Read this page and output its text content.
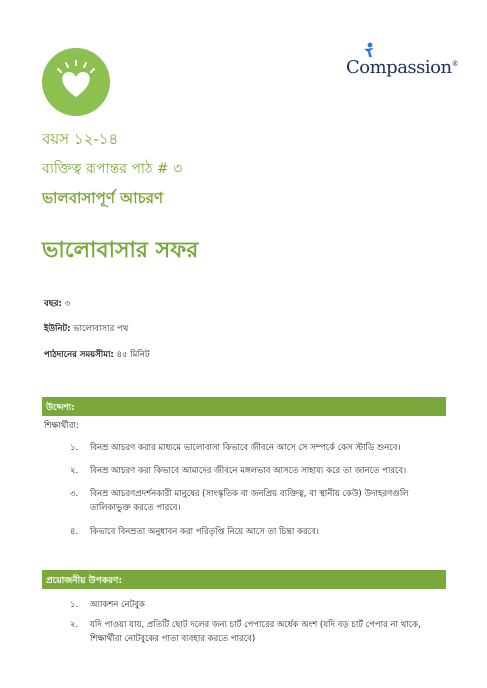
Compassion®
বয়স ১২-১৪
ব্যক্তিত্ব রূপান্তর পাঠ # ৩
ভালবাসাপূর্ণ আচরণ
ভালোবাসার সফর
বছর: ৩
ইউনিট: ভালোবাসার পথ
পাঠদানের সময়সীমা: ৪৫ মিনিট
উদ্দেশ্য:
শিক্ষার্থীরা:
১. বিনম্র আচরণ করার মাধ্যমে ভালোবাসা কিভাবে জীবনে আসে সে সম্পর্কে কেস স্টাডি শুনবে।
২. বিনম্র আচরণ করা কিভাবে আমাদের জীবনে মঙ্গলভাব আসতে সাহায্য করে তা জানতে পারবে।
৩. বিনম্র আচরণপ্রদর্শনকারী মানুষের (সাংস্কৃতিক বা জনপ্রিয় ব্যক্তিত্ব, বা স্থানীয় কেউ) উদাহরণগুলি তালিকাভুক্ত করতে পারবে।
৪. কিভাবে বিনম্রতা অনুধাবন করা পরিতৃপ্তি নিয়ে আসে তা চিন্তা করবে।
প্রয়োজনীয় উপকরণ:
১. অ্যাকশন নেটবুক
২. যদি পাওয়া যায়, প্রতিটি ছোট দলের জন্য চার্ট পেপারের অর্ধেক অংশ (যদি বড় চার্ট পেপার না থাকে, শিক্ষার্থীরা নোটবুকের পাতা ব্যবহার করতে পারবে)
